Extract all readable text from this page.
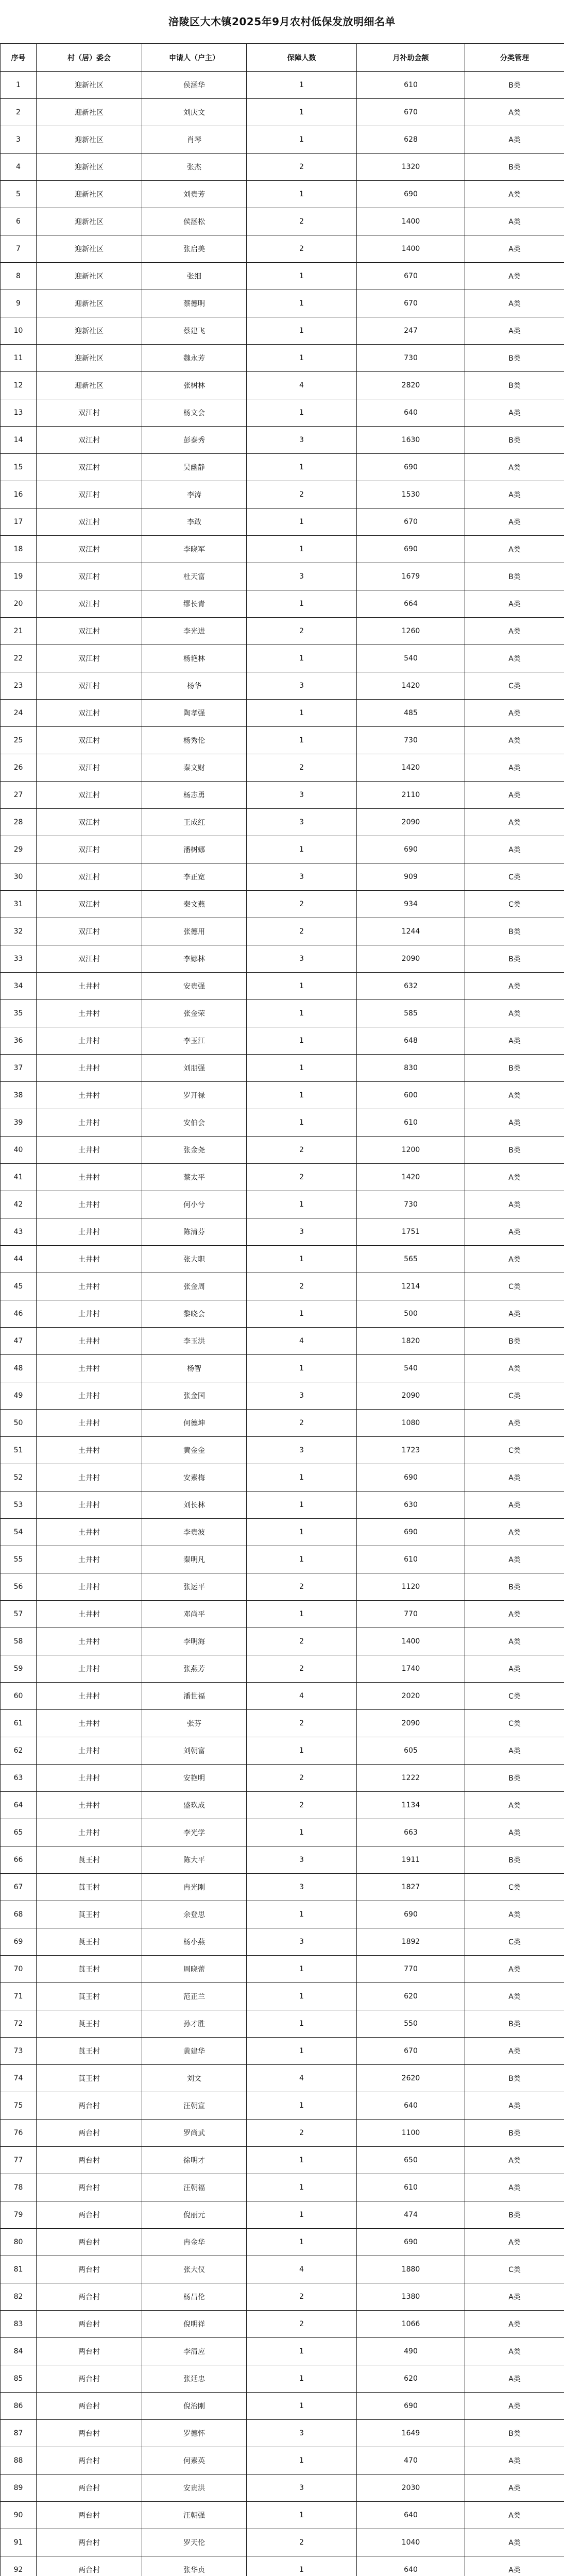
涪陵区大木镇2025年9月农村低保发放明细名单
序号	村（居）委会	申请人（户主）	保障人数	月补助金额	分类管理
1	迎新社区	侯涵华	1	610	B类
2	迎新社区	刘庆文	1	670	A类
3	迎新社区	肖琴	1	628	A类
4	迎新社区	张杰	2	1320	B类
5	迎新社区	刘贵芳	1	690	A类
6	迎新社区	侯涵松	2	1400	A类
7	迎新社区	张启美	2	1400	A类
8	迎新社区	张细	1	670	A类
9	迎新社区	蔡德明	1	670	A类
10	迎新社区	蔡建飞	1	247	A类
11	迎新社区	魏永芳	1	730	B类
12	迎新社区	张树林	4	2820	B类
13	双江村	杨文会	1	640	A类
14	双江村	彭泰秀	3	1630	B类
15	双江村	吴幽静	1	690	A类
16	双江村	李涛	2	1530	A类
17	双江村	李敢	1	670	A类
18	双江村	李晓军	1	690	A类
19	双江村	杜天富	3	1679	B类
20	双江村	缪长青	1	664	A类
21	双江村	李光进	2	1260	A类
22	双江村	杨艳林	1	540	A类
23	双江村	杨华	3	1420	C类
24	双江村	陶孝强	1	485	A类
25	双江村	杨秀伦	1	730	A类
26	双江村	秦文财	2	1420	A类
27	双江村	杨志勇	3	2110	A类
28	双江村	王成红	3	2090	A类
29	双江村	潘树娜	1	690	A类
30	双江村	李正宽	3	909	C类
31	双江村	秦文燕	2	934	C类
32	双江村	张德用	2	1244	B类
33	双江村	李娜林	3	2090	B类
34	土井村	安贵强	1	632	A类
35	土井村	张金荣	1	585	A类
36	土井村	李玉江	1	648	A类
37	土井村	刘朋强	1	830	B类
38	土井村	罗开禄	1	600	A类
39	土井村	安伯会	1	610	A类
40	土井村	张金尧	2	1200	B类
41	土井村	蔡太平	2	1420	A类
42	土井村	何小兮	1	730	A类
43	土井村	陈清芬	3	1751	A类
44	土井村	张大职	1	565	A类
45	土井村	张金周	2	1214	C类
46	土井村	黎晓会	1	500	A类
47	土井村	李玉洪	4	1820	B类
48	土井村	杨智	1	540	A类
49	土井村	张金国	3	2090	C类
50	土井村	何德坤	2	1080	A类
51	土井村	黄金金	3	1723	C类
52	土井村	安素梅	1	690	A类
53	土井村	刘长林	1	630	A类
54	土井村	李贵波	1	690	A类
55	土井村	秦明凡	1	610	A类
56	土井村	张运平	2	1120	B类
57	土井村	邓尚平	1	770	A类
58	土井村	李明海	2	1400	A类
59	土井村	张燕芳	2	1740	A类
60	土井村	潘世福	4	2020	C类
61	土井村	张芬	2	2090	C类
62	土井村	刘朝富	1	605	A类
63	土井村	安艳明	2	1222	B类
64	土井村	盛玖成	2	1134	A类
65	土井村	李光学	1	663	A类
66	莨王村	陈大平	3	1911	B类
67	莨王村	冉光刚	3	1827	C类
68	莨王村	余登思	1	690	A类
69	莨王村	杨小燕	3	1892	C类
70	莨王村	周晓蕾	1	770	A类
71	莨王村	范正兰	1	620	A类
72	莨王村	孙才胜	1	550	B类
73	莨王村	黄建华	1	670	A类
74	莨王村	刘文	4	2620	B类
75	两台村	汪朝宣	1	640	A类
76	两台村	罗尚武	2	1100	B类
77	两台村	徐明才	1	650	A类
78	两台村	汪朝福	1	610	A类
79	两台村	倪丽元	1	474	B类
80	两台村	冉金华	1	690	A类
81	两台村	张大仪	4	1880	C类
82	两台村	杨昌伦	2	1380	A类
83	两台村	倪明祥	2	1066	A类
84	两台村	李清应	1	490	A类
85	两台村	张廷忠	1	620	A类
86	两台村	倪治刚	1	690	A类
87	两台村	罗德怀	3	1649	B类
88	两台村	何素英	1	470	A类
89	两台村	安贵洪	3	2030	A类
90	两台村	汪朝强	1	640	A类
91	两台村	罗天伦	2	1040	A类
92	两台村	张华贞	1	640	A类
